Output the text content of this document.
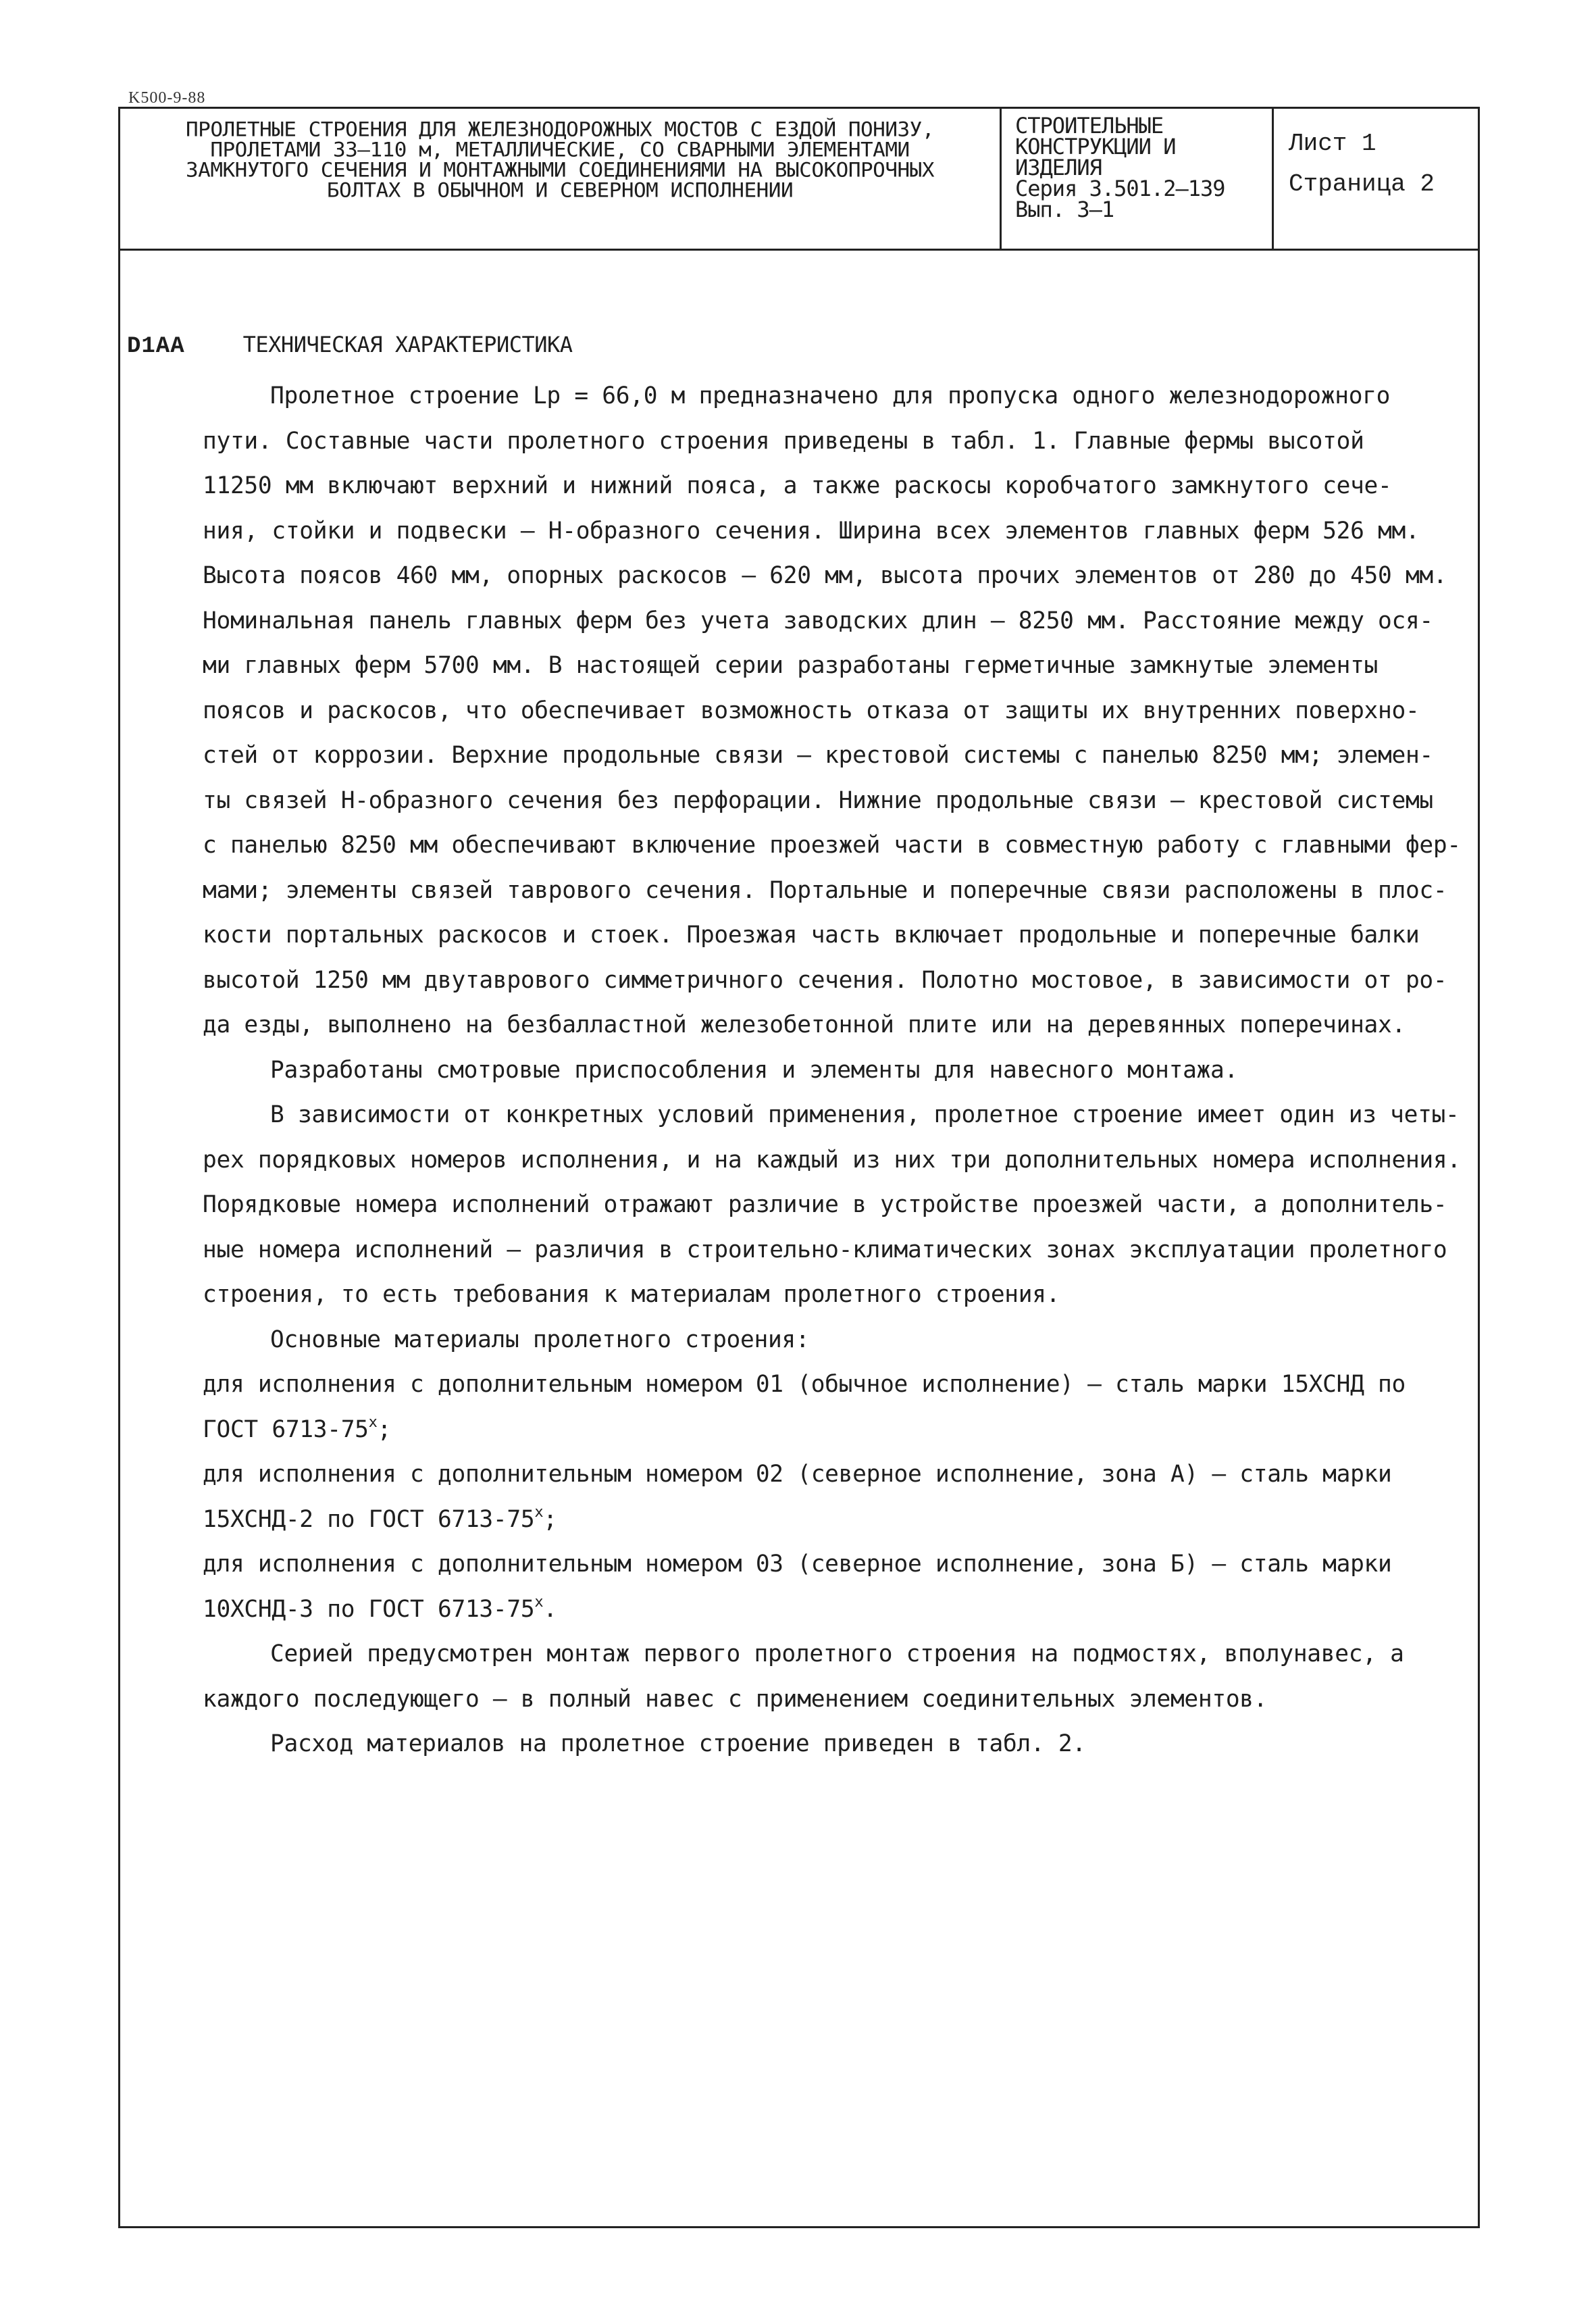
K500-9-88
ПРОЛЕТНЫЕ СТРОЕНИЯ ДЛЯ ЖЕЛЕЗНОДОРОЖНЫХ МОСТОВ С ЕЗДОЙ ПОНИЗУ,
ПРОЛЕТАМИ 33–110 м, МЕТАЛЛИЧЕСКИЕ, СО СВАРНЫМИ ЭЛЕМЕНТАМИ
ЗАМКНУТОГО СЕЧЕНИЯ И МОНТАЖНЫМИ СОЕДИНЕНИЯМИ НА ВЫСОКОПРОЧНЫХ
БОЛТАХ В ОБЫЧНОМ И СЕВЕРНОМ ИСПОЛНЕНИИ
СТРОИТЕЛЬНЫЕ
КОНСТРУКЦИИ И
ИЗДЕЛИЯ
Серия 3.501.2–139
Вып. 3–1
Лист 1
Страница 2
D1AA	ТЕХНИЧЕСКАЯ ХАРАКТЕРИСТИКА
Пролетное строение Lр = 66,0 м предназначено для пропуска одного железнодорожного
пути. Составные части пролетного строения приведены в табл. 1. Главные фермы высотой
11250 мм включают верхний и нижний пояса, а также раскосы коробчатого замкнутого сече-
ния, стойки и подвески – Н-образного сечения. Ширина всех элементов главных ферм 526 мм.
Высота поясов 460 мм, опорных раскосов – 620 мм, высота прочих элементов от 280 до 450 мм.
Номинальная панель главных ферм без учета заводских длин – 8250 мм. Расстояние между ося-
ми главных ферм 5700 мм. В настоящей серии разработаны герметичные замкнутые элементы
поясов и раскосов, что обеспечивает возможность отказа от защиты их внутренних поверхно-
стей от коррозии. Верхние продольные связи – крестовой системы с панелью 8250 мм; элемен-
ты связей Н-образного сечения без перфорации. Нижние продольные связи – крестовой системы
с панелью 8250 мм обеспечивают включение проезжей части в совместную работу с главными фер-
мами; элементы связей таврового сечения. Портальные и поперечные связи расположены в плос-
кости портальных раскосов и стоек. Проезжая часть включает продольные и поперечные балки
высотой 1250 мм двутаврового симметричного сечения. Полотно мостовое, в зависимости от ро-
да езды, выполнено на безбалластной железобетонной плите или на деревянных поперечинах.
Разработаны смотровые приспособления и элементы для навесного монтажа.
В зависимости от конкретных условий применения, пролетное строение имеет один из четы-
рех порядковых номеров исполнения, и на каждый из них три дополнительных номера исполнения.
Порядковые номера исполнений отражают различие в устройстве проезжей части, а дополнитель-
ные номера исполнений – различия в строительно-климатических зонах эксплуатации пролетного
строения, то есть требования к материалам пролетного строения.
Основные материалы пролетного строения:
для исполнения с дополнительным номером 01 (обычное исполнение) – сталь марки 15ХСНД по
ГОСТ $6713-75^х$;
для исполнения с дополнительным номером 02 (северное исполнение, зона А) – сталь марки
15ХСНД-2 по ГОСТ $6713-75^х$;
для исполнения с дополнительным номером 03 (северное исполнение, зона Б) – сталь марки
10ХСНД-3 по ГОСТ $6713-75^х$.
Серией предусмотрен монтаж первого пролетного строения на подмостях, вполунавес, а
каждого последующего – в полный навес с применением соединительных элементов.
Расход материалов на пролетное строение приведен в табл. 2.
